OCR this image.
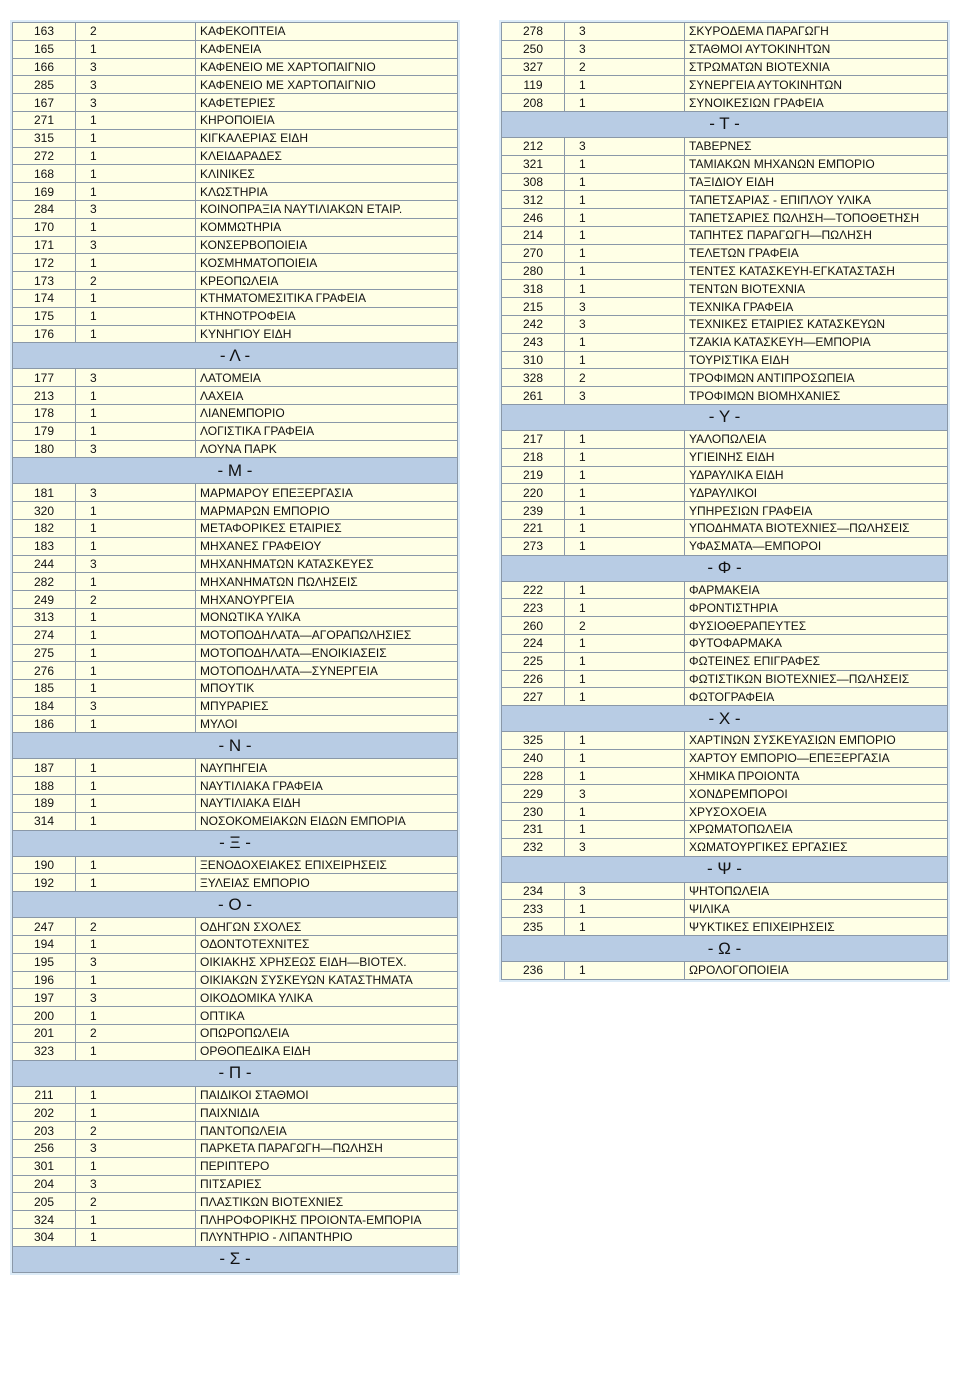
163	2	ΚΑΦΕΚΟΠΤΕΙΑ
165	1	ΚΑΦΕΝΕΙΑ
166	3	ΚΑΦΕΝΕΙΟ ΜΕ ΧΑΡΤΟΠΑΙΓΝΙΟ
285	3	ΚΑΦΕΝΕΙΟ ΜΕ ΧΑΡΤΟΠΑΙΓΝΙΟ
167	3	ΚΑΦΕΤΕΡΙΕΣ
271	1	ΚΗΡΟΠΟΙΕΙΑ
315	1	ΚΙΓΚΑΛΕΡΙΑΣ ΕΙΔΗ
272	1	ΚΛΕΙΔΑΡΑΔΕΣ
168	1	ΚΛΙΝΙΚΕΣ
169	1	ΚΛΩΣΤΗΡΙΑ
284	3	ΚΟΙΝΟΠΡΑΞΙΑ ΝΑΥΤΙΛΙΑΚΩΝ ΕΤΑΙΡ.
170	1	ΚΟΜΜΩΤΗΡΙΑ
171	3	ΚΟΝΣΕΡΒΟΠΟΙΕΙΑ
172	1	ΚΟΣΜΗΜΑΤΟΠΟΙΕΙΑ
173	2	ΚΡΕΟΠΩΛΕΙΑ
174	1	ΚΤΗΜΑΤΟΜΕΣΙΤΙΚΑ ΓΡΑΦΕΙΑ
175	1	ΚΤΗΝΟΤΡΟΦΕΙΑ
176	1	ΚΥΝΗΓΙΟΥ ΕΙΔΗ
- Λ -		
177	3	ΛΑΤΟΜΕΙΑ
213	1	ΛΑΧΕΙΑ
178	1	ΛΙΑΝΕΜΠΟΡΙΟ
179	1	ΛΟΓΙΣΤΙΚΑ ΓΡΑΦΕΙΑ
180	3	ΛΟΥΝΑ ΠΑΡΚ
- Μ -		
181	3	ΜΑΡΜΑΡΟΥ ΕΠΕΞΕΡΓΑΣΙΑ
320	1	ΜΑΡΜΑΡΩΝ ΕΜΠΟΡΙΟ
182	1	ΜΕΤΑΦΟΡΙΚΕΣ ΕΤΑΙΡΙΕΣ
183	1	ΜΗΧΑΝΕΣ ΓΡΑΦΕΙΟΥ
244	3	ΜΗΧΑΝΗΜΑΤΩΝ ΚΑΤΑΣΚΕΥΕΣ
282	1	ΜΗΧΑΝΗΜΑΤΩΝ ΠΩΛΗΣΕΙΣ
249	2	ΜΗΧΑΝΟΥΡΓΕΙΑ
313	1	ΜΟΝΩΤΙΚΑ ΥΛΙΚΑ
274	1	ΜΟΤΟΠΟΔΗΛΑΤΑ—ΑΓΟΡΑΠΩΛΗΣΙΕΣ
275	1	ΜΟΤΟΠΟΔΗΛΑΤΑ—ΕΝΟΙΚΙΑΣΕΙΣ
276	1	ΜΟΤΟΠΟΔΗΛΑΤΑ—ΣΥΝΕΡΓΕΙΑ
185	1	ΜΠΟΥΤΙΚ
184	3	ΜΠΥΡΑΡΙΕΣ
186	1	ΜΥΛΟΙ
- Ν -		
187	1	ΝΑΥΠΗΓΕΙΑ
188	1	ΝΑΥΤΙΛΙΑΚΑ ΓΡΑΦΕΙΑ
189	1	ΝΑΥΤΙΛΙΑΚΑ ΕΙΔΗ
314	1	ΝΟΣΟΚΟΜΕΙΑΚΩΝ ΕΙΔΩΝ ΕΜΠΟΡΙΑ
- Ξ -		
190	1	ΞΕΝΟΔΟΧΕΙΑΚΕΣ ΕΠΙΧΕΙΡΗΣΕΙΣ
192	1	ΞΥΛΕΙΑΣ ΕΜΠΟΡΙΟ
- Ο -		
247	2	ΟΔΗΓΩΝ ΣΧΟΛΕΣ
194	1	ΟΔΟΝΤΟΤΕΧΝΙΤΕΣ
195	3	ΟΙΚΙΑΚΗΣ ΧΡΗΣΕΩΣ ΕΙΔΗ—ΒΙΟΤΕΧ.
196	1	ΟΙΚΙΑΚΩΝ ΣΥΣΚΕΥΩΝ ΚΑΤΑΣΤΗΜΑΤΑ
197	3	ΟΙΚΟΔΟΜΙΚΑ ΥΛΙΚΑ
200	1	ΟΠΤΙΚΑ
201	2	ΟΠΩΡΟΠΩΛΕΙΑ
323	1	ΟΡΘΟΠΕΔΙΚΑ ΕΙΔΗ
- Π -		
211	1	ΠΑΙΔΙΚΟΙ ΣΤΑΘΜΟΙ
202	1	ΠΑΙΧΝΙΔΙΑ
203	2	ΠΑΝΤΟΠΩΛΕΙΑ
256	3	ΠΑΡΚΕΤΑ ΠΑΡΑΓΩΓΗ—ΠΩΛΗΣΗ
301	1	ΠΕΡΙΠΤΕΡΟ
204	3	ΠΙΤΣΑΡΙΕΣ
205	2	ΠΛΑΣΤΙΚΩΝ ΒΙΟΤΕΧΝΙΕΣ
324	1	ΠΛΗΡΟΦΟΡΙΚΗΣ ΠΡΟΙΟΝΤΑ-ΕΜΠΟΡΙΑ
304	1	ΠΛΥΝΤΗΡΙΟ - ΛΙΠΑΝΤΗΡΙΟ
- Σ -		
278	3	ΣΚΥΡΟΔΕΜΑ ΠΑΡΑΓΩΓΗ
250	3	ΣΤΑΘΜΟΙ ΑΥΤΟΚΙΝΗΤΩΝ
327	2	ΣΤΡΩΜΑΤΩΝ ΒΙΟΤΕΧΝΙΑ
119	1	ΣΥΝΕΡΓΕΙΑ ΑΥΤΟΚΙΝΗΤΩΝ
208	1	ΣΥΝΟΙΚΕΣΙΩΝ ΓΡΑΦΕΙΑ
- Τ -		
212	3	ΤΑΒΕΡΝΕΣ
321	1	ΤΑΜΙΑΚΩΝ ΜΗΧΑΝΩΝ ΕΜΠΟΡΙΟ
308	1	ΤΑΞΙΔΙΟΥ ΕΙΔΗ
312	1	ΤΑΠΕΤΣΑΡΙΑΣ - ΕΠΙΠΛΟΥ ΥΛΙΚΑ
246	1	ΤΑΠΕΤΣΑΡΙΕΣ ΠΩΛΗΣΗ—ΤΟΠΟΘΕΤΗΣΗ
214	1	ΤΑΠΗΤΕΣ ΠΑΡΑΓΩΓΗ—ΠΩΛΗΣΗ
270	1	ΤΕΛΕΤΩΝ ΓΡΑΦΕΙΑ
280	1	ΤΕΝΤΕΣ ΚΑΤΑΣΚΕΥΗ-ΕΓΚΑΤΑΣΤΑΣΗ
318	1	ΤΕΝΤΩΝ ΒΙΟΤΕΧΝΙΑ
215	3	ΤΕΧΝΙΚΑ ΓΡΑΦΕΙΑ
242	3	ΤΕΧΝΙΚΕΣ ΕΤΑΙΡΙΕΣ ΚΑΤΑΣΚΕΥΩΝ
243	1	ΤΖΑΚΙΑ ΚΑΤΑΣΚΕΥΗ—ΕΜΠΟΡΙΑ
310	1	ΤΟΥΡΙΣΤΙΚΑ ΕΙΔΗ
328	2	ΤΡΟΦΙΜΩΝ ΑΝΤΙΠΡΟΣΩΠΕΙΑ
261	3	ΤΡΟΦΙΜΩΝ ΒΙΟΜΗΧΑΝΙΕΣ
- Υ -		
217	1	ΥΑΛΟΠΩΛΕΙΑ
218	1	ΥΓΙΕΙΝΗΣ ΕΙΔΗ
219	1	ΥΔΡΑΥΛΙΚΑ ΕΙΔΗ
220	1	ΥΔΡΑΥΛΙΚΟΙ
239	1	ΥΠΗΡΕΣΙΩΝ ΓΡΑΦΕΙΑ
221	1	ΥΠΟΔΗΜΑΤΑ ΒΙΟΤΕΧΝΙΕΣ—ΠΩΛΗΣΕΙΣ
273	1	ΥΦΑΣΜΑΤΑ—ΕΜΠΟΡΟΙ
- Φ -		
222	1	ΦΑΡΜΑΚΕΙΑ
223	1	ΦΡΟΝΤΙΣΤΗΡΙΑ
260	2	ΦΥΣΙΟΘΕΡΑΠΕΥΤΕΣ
224	1	ΦΥΤΟΦΑΡΜΑΚΑ
225	1	ΦΩΤΕΙΝΕΣ ΕΠΙΓΡΑΦΕΣ
226	1	ΦΩΤΙΣΤΙΚΩΝ ΒΙΟΤΕΧΝΙΕΣ—ΠΩΛΗΣΕΙΣ
227	1	ΦΩΤΟΓΡΑΦΕΙΑ
- Χ -		
325	1	ΧΑΡΤΙΝΩΝ ΣΥΣΚΕΥΑΣΙΩΝ ΕΜΠΟΡΙΟ
240	1	ΧΑΡΤΟΥ ΕΜΠΟΡΙΟ—ΕΠΕΞΕΡΓΑΣΙΑ
228	1	ΧΗΜΙΚΑ ΠΡΟΙΟΝΤΑ
229	3	ΧΟΝΔΡΕΜΠΟΡΟΙ
230	1	ΧΡΥΣΟΧΟΕΙΑ
231	1	ΧΡΩΜΑΤΟΠΩΛΕΙΑ
232	3	ΧΩΜΑΤΟΥΡΓΙΚΕΣ ΕΡΓΑΣΙΕΣ
- Ψ -		
234	3	ΨΗΤΟΠΩΛΕΙΑ
233	1	ΨΙΛΙΚΑ
235	1	ΨΥΚΤΙΚΕΣ ΕΠΙΧΕΙΡΗΣΕΙΣ
- Ω -		
236	1	ΩΡΟΛΟΓΟΠΟΙΕΙΑ
